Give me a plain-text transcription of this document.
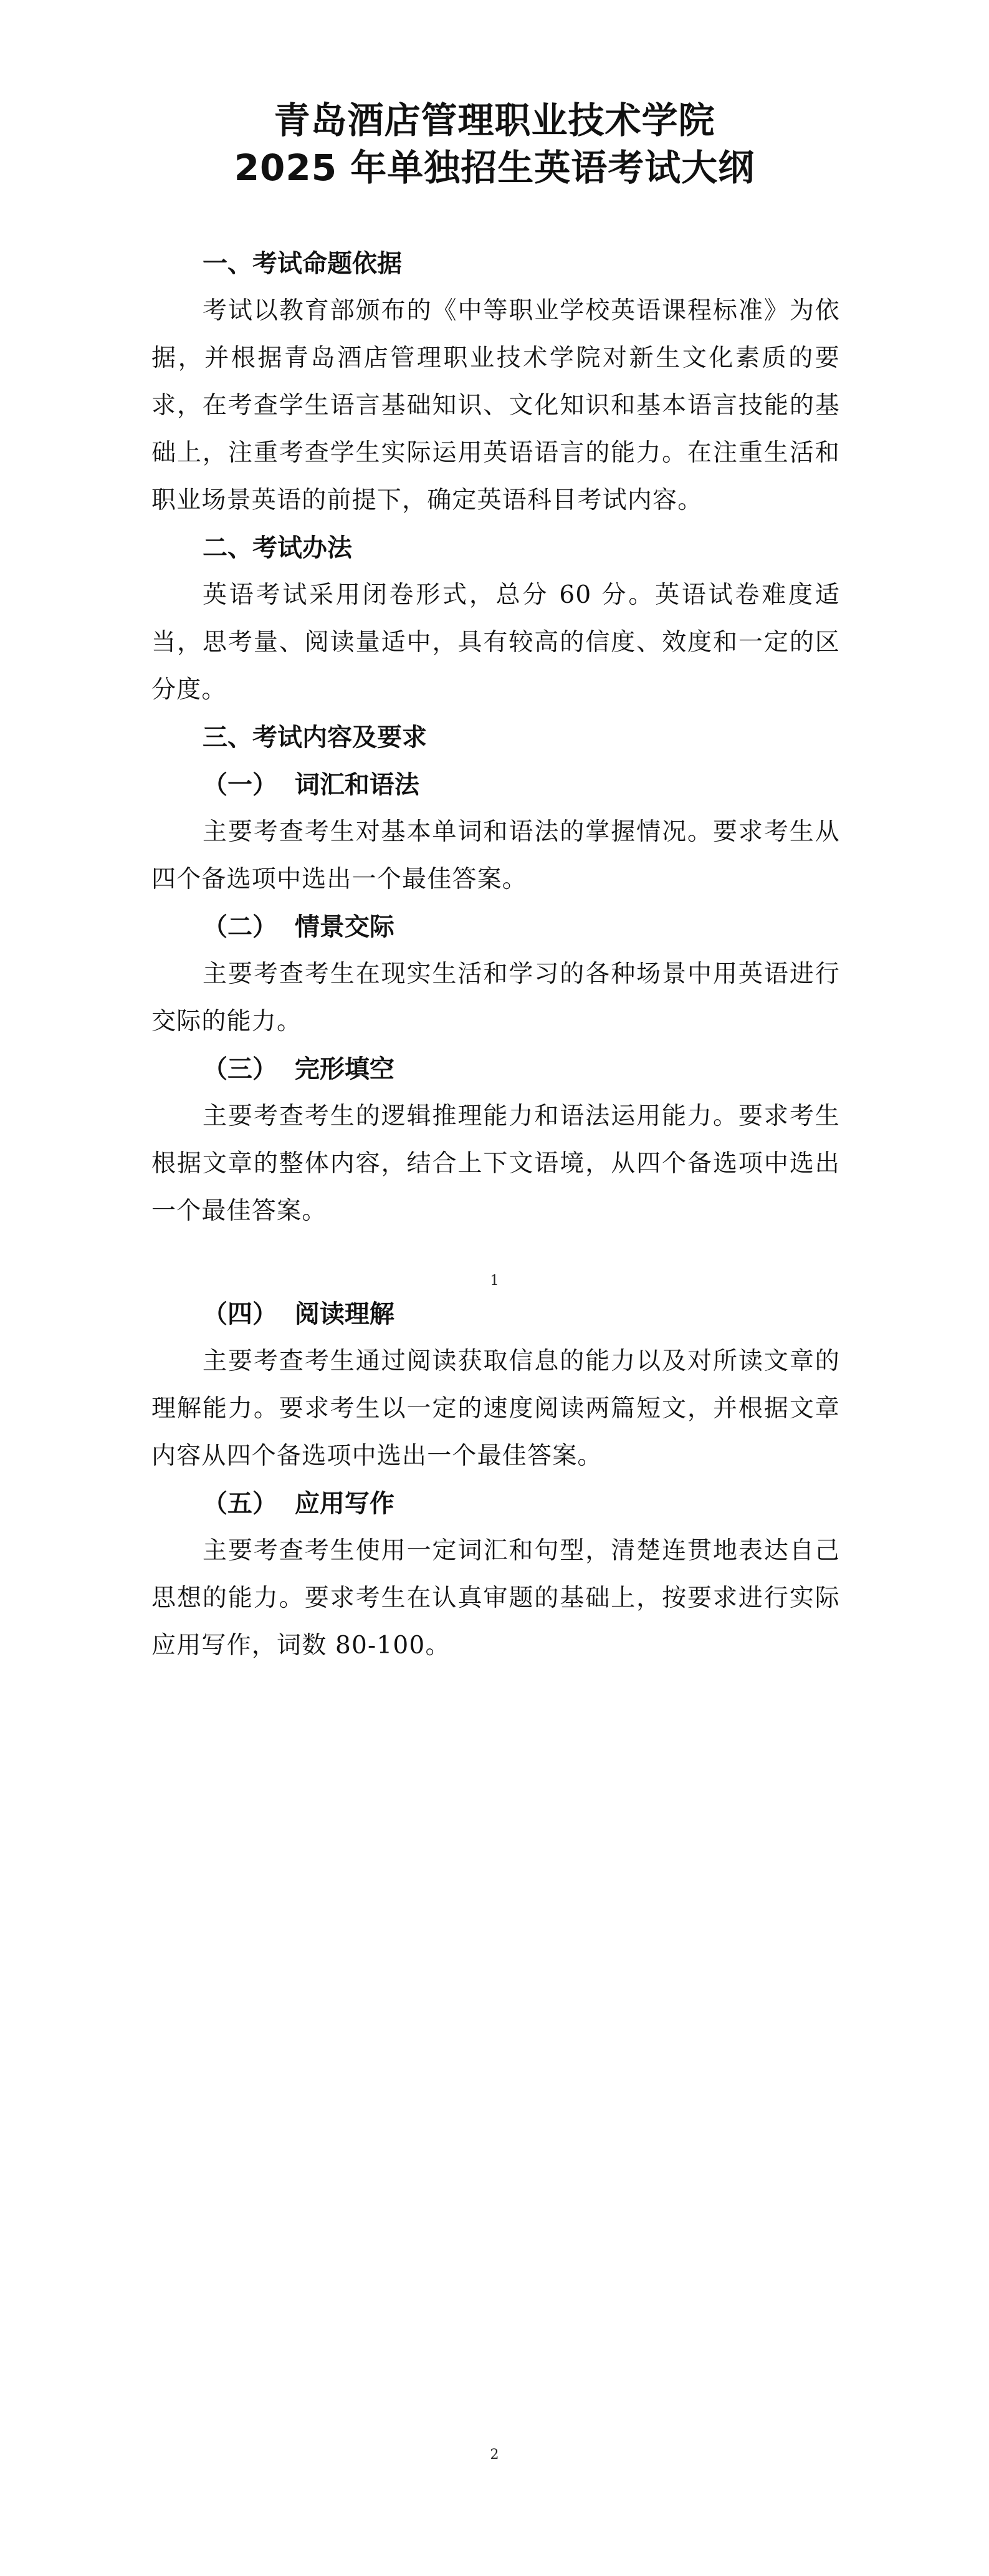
青岛酒店管理职业技术学院
2025 年单独招生英语考试大纲

一、考试命题依据

考试以教育部颁布的《中等职业学校英语课程标准》为依据，并根据青岛酒店管理职业技术学院对新生文化素质的要求，在考查学生语言基础知识、文化知识和基本语言技能的基础上，注重考查学生实际运用英语语言的能力。在注重生活和职业场景英语的前提下，确定英语科目考试内容。

二、考试办法

英语考试采用闭卷形式，总分 60 分。英语试卷难度适当，思考量、阅读量适中，具有较高的信度、效度和一定的区分度。

三、考试内容及要求

（一）  词汇和语法

主要考查考生对基本单词和语法的掌握情况。要求考生从四个备选项中选出一个最佳答案。

（二）  情景交际

主要考查考生在现实生活和学习的各种场景中用英语进行交际的能力。

（三）  完形填空

主要考查考生的逻辑推理能力和语法运用能力。要求考生根据文章的整体内容，结合上下文语境，从四个备选项中选出一个最佳答案。

1

（四）  阅读理解

主要考查考生通过阅读获取信息的能力以及对所读文章的理解能力。要求考生以一定的速度阅读两篇短文，并根据文章内容从四个备选项中选出一个最佳答案。

（五）  应用写作

主要考查考生使用一定词汇和句型，清楚连贯地表达自己思想的能力。要求考生在认真审题的基础上，按要求进行实际应用写作，词数 80-100。

2
